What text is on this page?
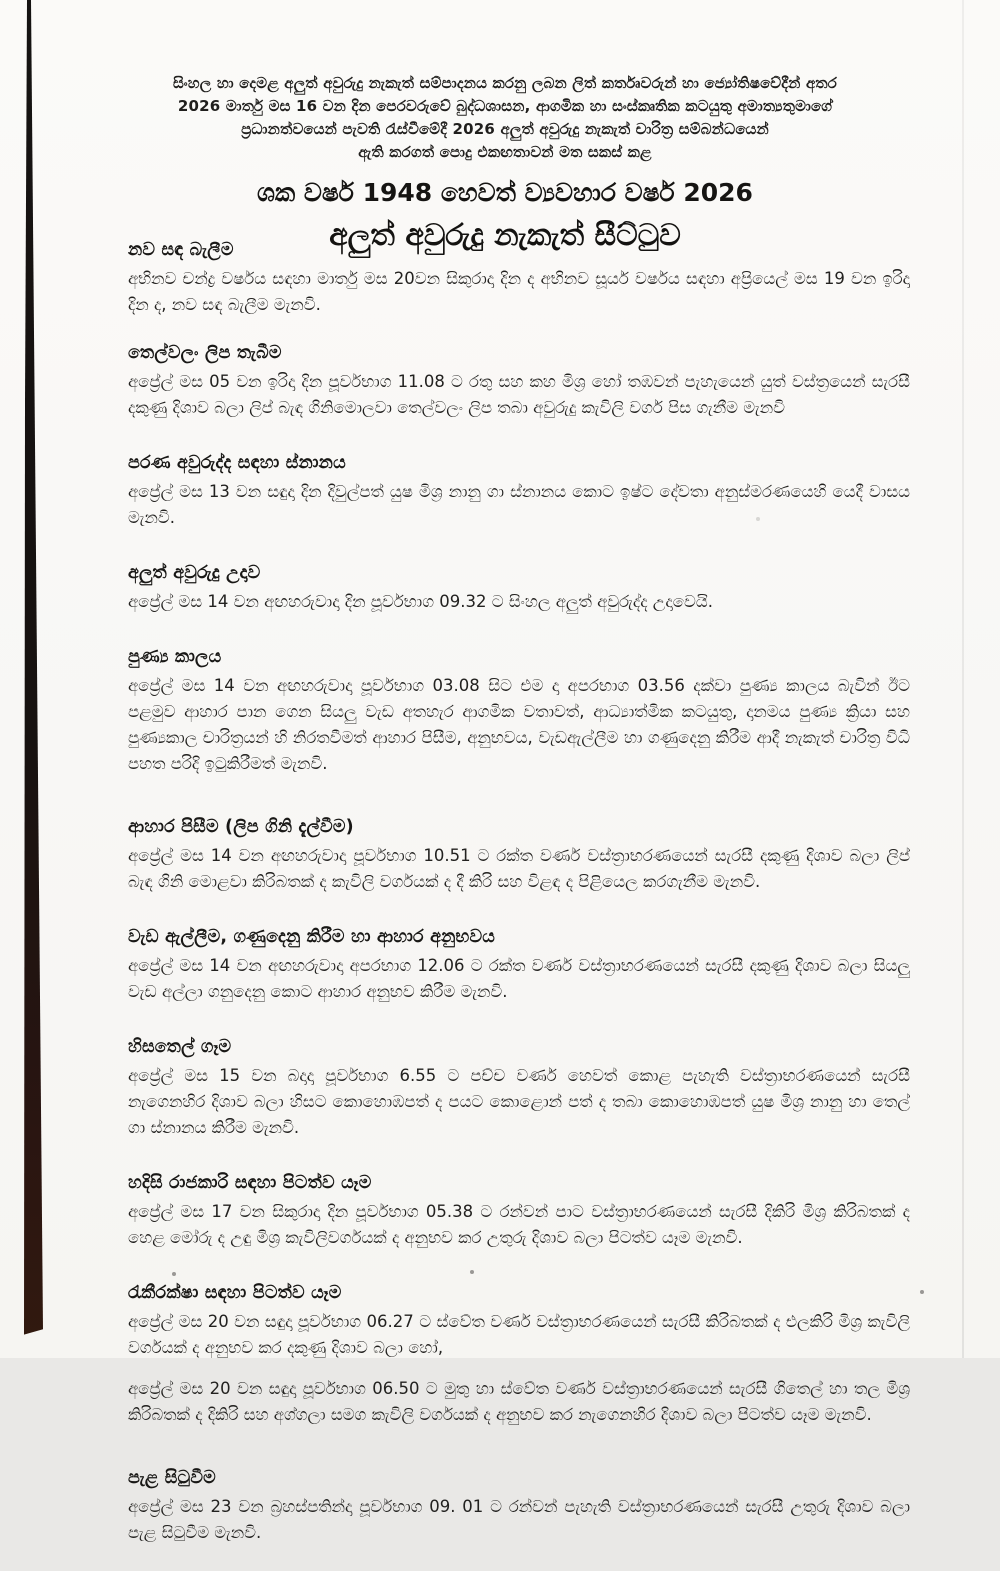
සිංහල හා දෙමළ අලුත් අවුරුදු නැකැත් සම්පාදනය කරනු ලබන ලිත් කර්තෘවරුන් හා ජ්‍යෝතිෂවේදීන් අතර
2026 මාර්තු මස 16 වන දින පෙරවරුවේ බුද්ධශාසන, ආගමික හා සංස්කෘතික කටයුතු අමාත්‍යතුමාගේ
ප්‍රධානත්වයෙන් පැවති රැස්වීමේදී 2026 අලුත් අවුරුදු නැකැත් චාරිත්‍ර සම්බන්ධයෙන්
ඇති කරගත් පොදු එකඟතාවන් මත සකස් කළ
ශක වර්ෂ 1948 හෙවත් ව්‍යවහාර වර්ෂ 2026
අලුත් අවුරුදු නැකැත් සීට්ටුව
නව සඳ බැලීම

අභිනව චන්ද්‍ර වර්ෂය සඳහා මාර්තු මස 20වන සිකුරාදා දින ද අභිනව සූර්ය වර්ෂය සඳහා අප්‍රියෙල් මස 19 වන ඉරිදා දින ද, නව සඳ බැලීම මැනවි.

තෙල්වලං ලිප තැබීම

අප්‍රේල් මස 05 වන ඉරිදා දින පූර්වභාග 11.08 ට රතු සහ කහ මිශ්‍ර හෝ තඹවන් පැහැයෙන් යුත් වස්ත්‍රයෙන් සැරසී දකුණු දිශාව බලා ලිප් බැඳ ගිනිමොලවා තෙල්වලං ලිප තබා අවුරුදු කැවිලි වර්ග පිස ගැනීම මැනවි

පරණ අවුරුද්ද සඳහා ස්නානය

අප්‍රේල් මස 13 වන සඳුදා දින දිවුල්පත් යුෂ මිශ්‍ර නානු ගා ස්නානය කොට ඉෂ්ට දේවතා අනුස්මරණයෙහි යෙදී වාසය මැනවි.

අලුත් අවුරුදු උදාව

අප්‍රේල් මස 14 වන අඟහරුවාදා දින පූර්වභාග 09.32 ට සිංහල අලුත් අවුරුද්ද උදාවෙයි.

පුණ්‍ය කාලය

අප්‍රේල් මස 14 වන අඟහරුවාදා පූර්වභාග 03.08 සිට එම දා අපරභාග 03.56 දක්වා පුණ්‍ය කාලය බැවින් ඊට පළමුව ආහාර පාන ගෙන සියලු වැඩ අතහැර ආගමික වතාවත්, ආධ්‍යාත්මික කටයුතු, දානමය පුණ්‍ය ක්‍රියා සහ පුණ්‍යකාල චාරිත්‍රයන් හි නිරතවීමත් ආහාර පිසීම, අනුභවය, වැඩඇල්ලීම හා ගණුදෙනු කිරීම ආදී නැකැත් චාරිත්‍ර විධි පහත පරිදි ඉටුකිරීමත් මැනවි.

ආහාර පිසීම (ලිප ගිනි දැල්වීම)

අප්‍රේල් මස 14 වන අඟහරුවාදා පූර්වභාග 10.51 ට රක්ත වර්ණ වස්ත්‍රාභරණයෙන් සැරසී දකුණු දිශාව බලා ලිප් බැඳ ගිනි මොළවා කිරිබතක් ද කැවිලි වර්ගයක් ද දී කිරි සහ විළඳ ද පිළියෙල කරගැනීම මැනවි.

වැඩ ඇල්ලීම, ගණුදෙනු කිරීම හා ආහාර අනුභවය

අප්‍රේල් මස 14 වන අඟහරුවාදා අපරභාග 12.06 ට රක්ත වර්ණ වස්ත්‍රාභරණයෙන් සැරසී දකුණු දිශාව බලා සියලු වැඩ අල්ලා ගනුදෙනු කොට ආහාර අනුභව කිරීම මැනවි.

හිසතෙල් ගෑම

අප්‍රේල් මස 15 වන බදාදා පූර්වභාග 6.55 ට පච්ච වර්ණ හෙවත් කොළ පැහැති වස්ත්‍රාභරණයෙන් සැරසී නැගෙනහිර දිශාව බලා හිසට කොහොඹපත් ද පයට කොළොන් පත් ද තබා කොහොඹපත් යුෂ මිශ්‍ර නානු හා තෙල් ගා ස්නානය කිරීම මැනවි.

හදිසි රාජකාරි සඳහා පිටත්ව යෑම

අප්‍රේල් මස 17 වන සිකුරාදා දින පූර්වභාග 05.38 ට රන්වන් පාට වස්ත්‍රාභරණයෙන් සැරසී දිකිරි මිශ්‍ර කිරිබතක් ද හෙළ මෝරු ද උඳු මිශ්‍ර කැවිලිවර්ගයක් ද අනුභව කර උතුරු දිශාව බලා පිටත්ව යෑම මැනවි.

රැකීරක්ෂා සඳහා පිටත්ව යෑම

අප්‍රේල් මස 20 වන සඳුදා පූර්වභාග 06.27 ට ස්වේත වර්ණ වස්ත්‍රාභරණයෙන් සැරසී කිරිබතක් ද එලකිරි මිශ්‍ර කැවිලි වර්ගයක් ද අනුභව කර දකුණු දිශාව බලා හෝ,

අප්‍රේල් මස 20 වන සඳුදා පූර්වභාග 06.50 ට මුතු හා ස්වේත වර්ණ වස්ත්‍රාභරණයෙන් සැරසී ගිතෙල් හා තල මිශ්‍ර කිරිබතක් ද දිකිරි සහ අග්ගලා සමග කැවිලි වර්ගයක් ද අනුභව කර නැගෙනහිර දිශාව බලා පිටත්ව යෑම මැනවි.

පැළ සිටුවීම

අප්‍රේල් මස 23 වන බ්‍රහස්පතින්දා පූර්වභාග 09. 01 ට රන්වන් පැහැති වස්ත්‍රාභරණයෙන් සැරසී උතුරු දිශාව බලා පැළ සිටුවීම මැනවි.
